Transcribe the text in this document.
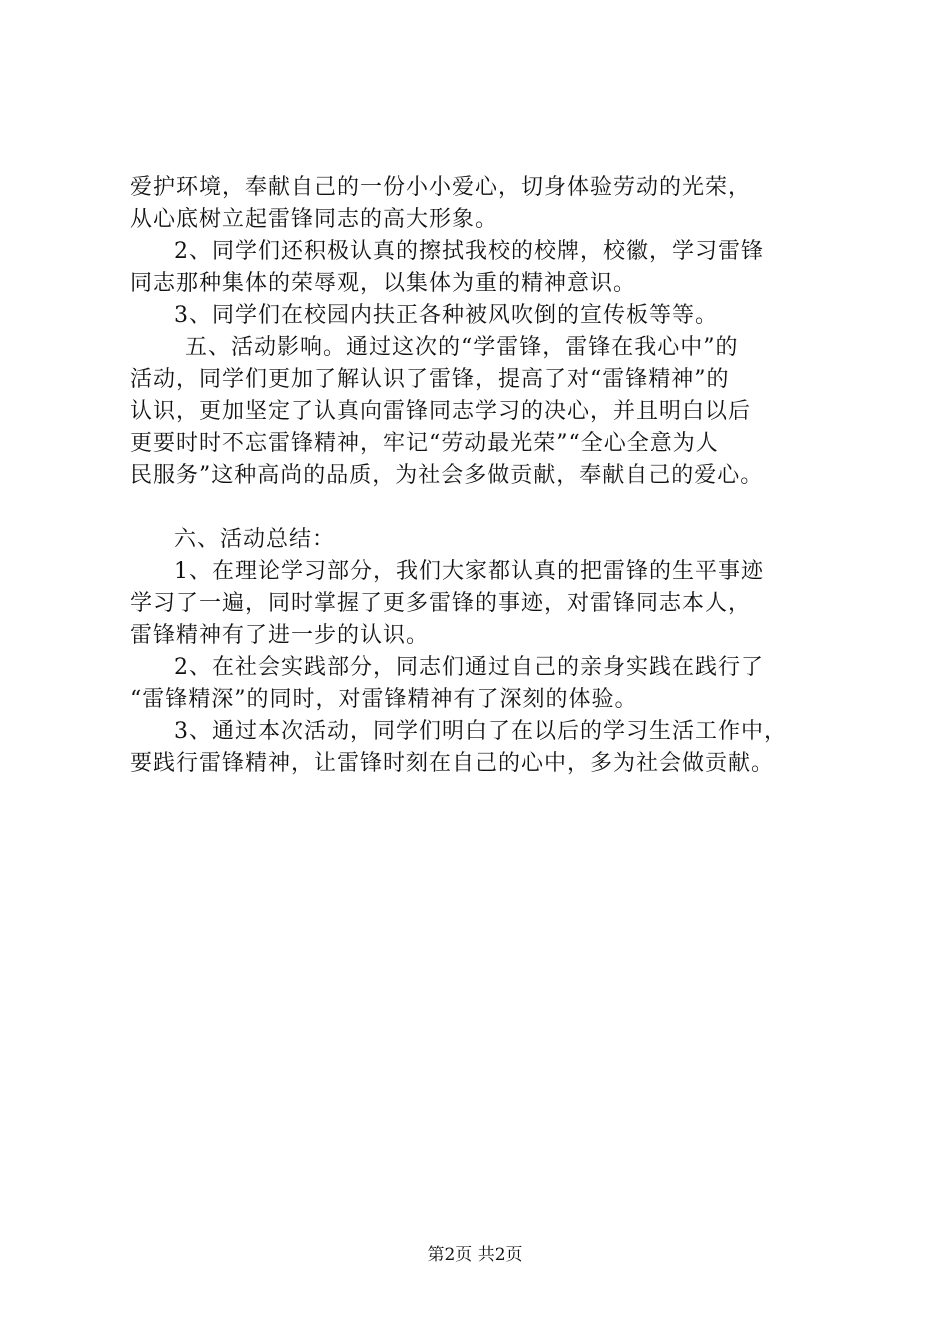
爱护环境，奉献自己的一份小小爱心，切身体验劳动的光荣，
从心底树立起雷锋同志的高大形象。
2、同学们还积极认真的擦拭我校的校牌，校徽，学习雷锋
同志那种集体的荣辱观，以集体为重的精神意识。
3、同学们在校园内扶正各种被风吹倒的宣传板等等。
五、活动影响。通过这次的“学雷锋，雷锋在我心中”的
活动，同学们更加了解认识了雷锋，提高了对“雷锋精神”的
认识，更加坚定了认真向雷锋同志学习的决心，并且明白以后
更要时时不忘雷锋精神，牢记“劳动最光荣”“全心全意为人
民服务”这种高尚的品质，为社会多做贡献，奉献自己的爱心。
六、活动总结：
1、在理论学习部分，我们大家都认真的把雷锋的生平事迹
学习了一遍，同时掌握了更多雷锋的事迹，对雷锋同志本人，
雷锋精神有了进一步的认识。
2、在社会实践部分，同志们通过自己的亲身实践在践行了
“雷锋精深”的同时，对雷锋精神有了深刻的体验。
3、通过本次活动，同学们明白了在以后的学习生活工作中，
要践行雷锋精神，让雷锋时刻在自己的心中，多为社会做贡献。
第2页 共2页
